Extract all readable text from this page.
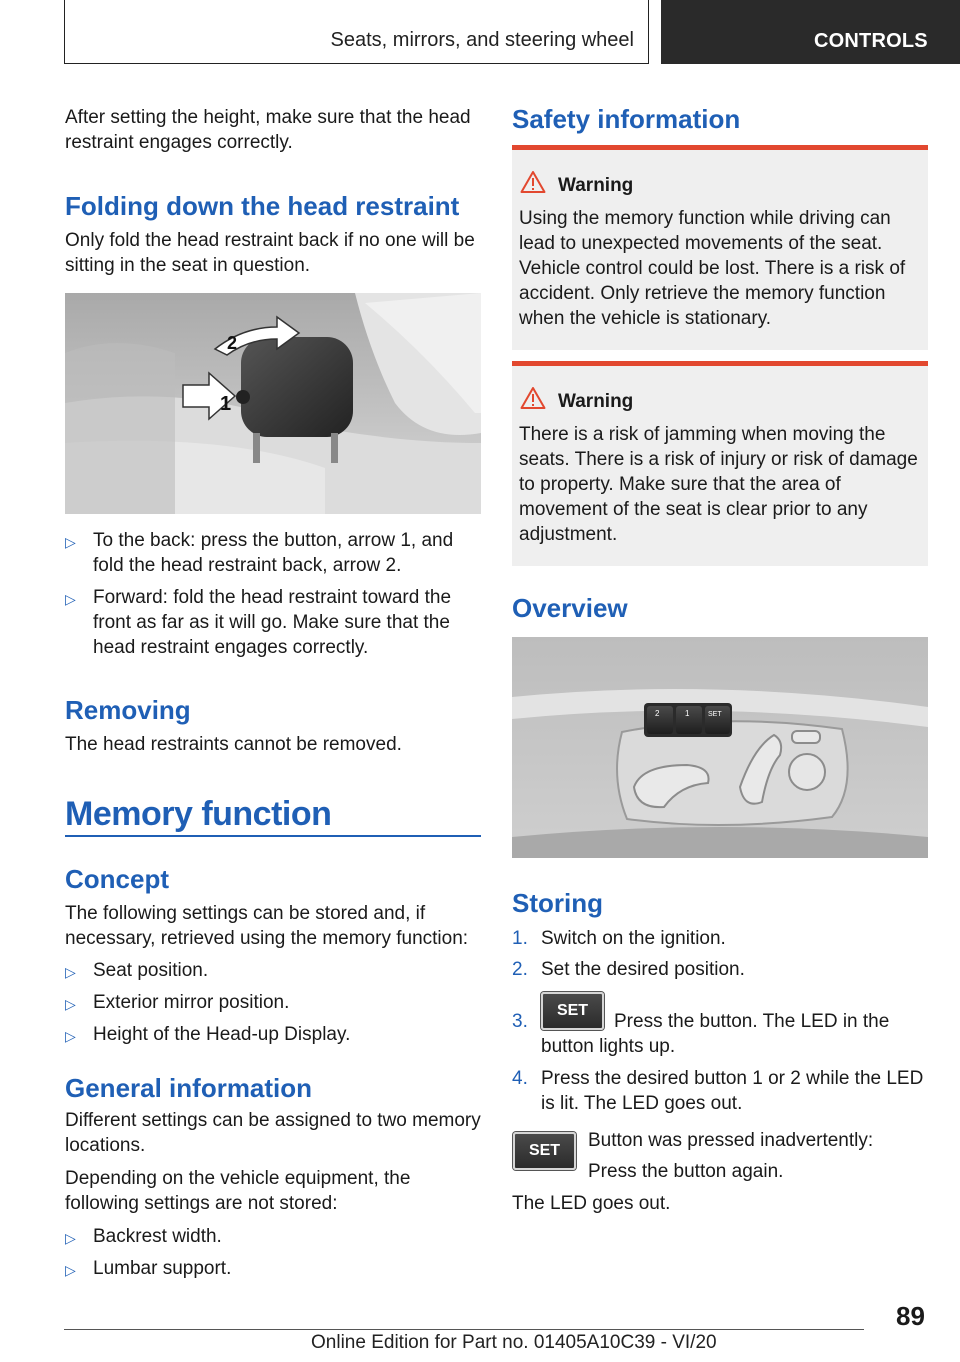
Seats, mirrors, and steering wheel	CONTROLS
After setting the height, make sure that the head restraint engages correctly.
Folding down the head restraint
Only fold the head restraint back if no one will be sitting in the seat in question.
1
2
▷ To the back: press the button, arrow 1, and fold the head restraint back, arrow 2.
▷ Forward: fold the head restraint toward the front as far as it will go. Make sure that the head restraint engages correctly.
Removing
The head restraints cannot be removed.
Memory function
Concept
The following settings can be stored and, if necessary, retrieved using the memory function:
▷ Seat position.
▷ Exterior mirror position.
▷ Height of the Head-up Display.
General information
Different settings can be assigned to two memory locations.
Depending on the vehicle equipment, the following settings are not stored:
▷ Backrest width.
▷ Lumbar support.
Safety information
Warning
Using the memory function while driving can lead to unexpected movements of the seat. Vehicle control could be lost. There is a risk of accident. Only retrieve the memory function when the vehicle is stationary.
Warning
There is a risk of jamming when moving the seats. There is a risk of injury or risk of damage to property. Make sure that the area of movement of the seat is clear prior to any adjustment.
Overview
2	1	SET
Storing
1. Switch on the ignition.
2. Set the desired position.
3.
SET
Press the button. The LED in the button lights up.
4. Press the desired button 1 or 2 while the LED is lit. The LED goes out.
SET	Button was pressed inadvertently:
Press the button again.
The LED goes out.
89
Online Edition for Part no. 01405A10C39 - VI/20
